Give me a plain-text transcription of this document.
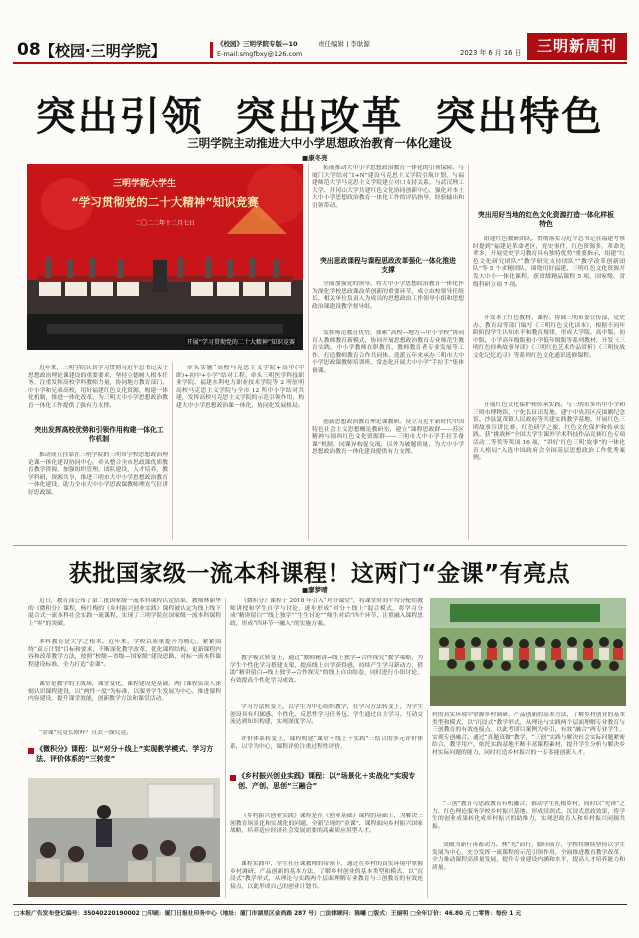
08 【校园·三明学院】	《校园》三明学院专版—10	责任编辑 | 李耿源
E-mail:smgfbxy@126.com	2023 年 6 月 16 日	三明新周刊
突出引领  突出改革  突出特色
三明学院主动推进大中小学思想政治教育一体化建设
■康冬亮
三明学院大学生
“学习贯彻党的二十大精神”知识竞赛
二〇二二年十二月七日
开展“学习贯彻党的二十大精神”知识竞赛
近年来，三明学院认真学习贯彻习近平总书记关于思想政治理论课建设的重要要求，坚持立德树人根本任务，注重发挥高校学科教师力量，协同地方教育部门、中小学和兄弟高校，用好福建红色文化资源，构建一体化机制，推进一体化改革，为三明大中小学思想政治教育一体化工作提供了强有力支撑。
突出发挥高校优势和引领作用构建一体化工作机制
推动成立挂靠在三明学院的三明市学校思想政治理论课一体化建设协同中心。牵头整合全市思政课优质教育教学资源，加强组织管理，团队建设，人才培养，教学科研，资源共享，推进三明市大中小学思想政治教育一体化建设，助力全市大中小学思政课教师理直气壮讲好思政课。
牵头实施“高校马克思主义学院+高中(中职)+初中+小学”结对工程。牵头三明医学科技职业学院、福建水利电力职业技术学院等 2 所驻明高校马克思主义学院与全市 12 所中小学结对共建，发挥高校马克思主义学院的示范引领作用，构建大中小学思想政治课一体化、协同化发展格局。
拓展推动大中小学思想政治教育一体化的引领保障。与厦门大学结对“1+N”建设马克思主义学院引航计划，与福建师范大学马克思主义学院建立对口支持关系，与武汉理工大学、井冈山大学共建红色文化协同创新中心，强化对本土大中小学思想政治教育一体化工作的评估指导，经验输出和引领带动。
突出思政课程与课程思政改革强化一体化推进支撑
全面加强党的领导。将大中小学思想政治教育一体化作为深化学校思政课改革创新的重要环节，成立由校领导任组长，相关单位负责人为成员的思想政治工作领导小组和思想政治课建设教学督导组。
发挥师范教育优势，探索“高校—地方—中小学校”协同育人教师教育新模式，协同开展思想政治教育专业师范生教育实践，中小学教师在职教育，教师教育者专业发展等工作，打造教师教育合作共同体。选派五年来承办三明市大中小学思政课教师培训班，常态化开展大中小学“手拉手”集体备课。
创新思想政治教育理论课教研。设立习近平新时代中国特色社会主义思想概论教研室，建立“课程思政群——苏区精神与闽西红色文化资源群——三明市大中小学手拉手备课”机制，同课异构促交流，以外为破题质量，为大中小学思想政治教育一体化建设提供有力支撑。
突出用好当地的红色文化资源打造一体化样板特色
组建红色教研团队。贯彻落实习近平总书记在福建考察时提到“福建是革命老区，党史事件，红色资源多，革命先辈多，开展党史学习教育具有独特优势”重要指示，组建“红色文化研究团队”“教学研究支持团队”“教学改革创新团队”等 5 个求精团队，围绕用好福建、三明红色文化资源开发大中小一体化课程，获省级精品课程 5 项，国家级、省级科研立项 7 项。
开发本土红色教材、课程。协调三明市委宣传部、党史办、教育局等部门编写《三明红色文化读本》，根据不同年龄阶段学生认知水平和教育规律，形成大学版、高中版、初中版、小学高年级版和小学低年级版等系列教材，开发《三明红色经典故事导读》《三明红色艺术作品赏析》《三明抗战文化记忆追寻》等系列红色文化通识选修课程。
开展红色文化保护和传承实践。与三明市多所中小学和三明市博物馆、宁化长征出发地、建宁中央苏区反围剿纪念馆、沙县夏茂镇人民政府等共建实践教学基地，开展红色三明故事宣讲比赛、红色研学之旅、红色文化保护和传承实践。获“挑战杯”全国大学生课外学术科技作品竞赛红色专项活动二等奖等奖项 16 项，“讲好‘红色三明’故事”的一体化育人格局”入选中国政府会全国基层思想政治工作优秀案例。
获批国家级一流本科课程！这两门“金课”有亮点
■廖梦晴
近日，教育部公布了第二批国家级一流本科课程认定结果，教师林丽华的《微积分》课程，杨红梅的《乡村振兴创业实践》课程被认定为线上线下混合式一流本科社会实践一流课程，实现了三明学院在国家级一流本科课程上“零”的突破。
本科教育是大学之根本。近年来，学校以质量提升为核心，紧紧围绕“双万计划”目标和要求，不断深化教学改革，优化课程结构，更新课程内容和改革教学方法，按照“校级—省级—国家级”建设思路，对标一流本科课程建设标准，全力打造“金课”。
课堂是教学的主战场，课堂变化，课程建设是基础。两门课程负责人深刻认识课程建设，以“两性一度”为标准，以服务学生发展为中心，推进课程内容建设，提升课堂效能，创新教学方法和课堂活动。
“金课”究竟长啥样？且去一探究竟。
《微积分》课程：以“对分＋线上”实现教学模式、学习方法、评价体系的“三转变”
《微积分》课程于 2018 年引入“对分课堂”，将课堂时间平均分配给教师讲授和学生自学与讨论，逐步形成“对分＋线上”混合模式，将学习分成“精讲留白”“线上独学”“生生讨论”“师生对话”四个环节，注重融入课程思政，形成“四环节一融入”的实施方案。
教学模式转变上，通过“教师精讲→线上独学→合作探究”教学策略，为学生个性化学习搭建支架，提高线上自学获得感，持续产生学习新动力，借助“精讲留白→线上独学→合作探究”的线上自由组卷，同时进行小组讨论，有效提高个性化学习成效。
学习方法转变上，以学生为中心组织教学，在学习方法转变上，为学生创设具有归属感、个性化、反思性学习任务包，学生通过自主学习、互动交流达到知识构建，实现深度学习。
评价体系转变上，课程构建“课堂＋线上＋实践”三结合的多元评价体系，以学为中心，课程评价注重过程性评价。
《乡村振兴创业实践》课程：以“场景化＋实战化”实现专创、产创、思创“三融合”
《乡村振兴创业实践》课程是在《创业基础》课程的基础上，为解决三创教育场景化和实战化的问题，全新呈现的“金课”，课程面向乡村振兴国家战略，培养适应经济社会发展需要的高素质应用型人才。
课程实践中，学生在任课教师的带领下，通过在乡村的真实环境中掌握乡村调研、产品创新的基本方法，了解乡村创业的基本类型和模式，以“沉浸式”教学形式，从理论与实践两个层面理解专业教育与三创教育的有效连接点，以此形成自己的创业计划书。
村的真实环境中掌握乡村调研、产品创新的基本方法，了解乡村创业的基本类型和模式，以“沉浸式”教学形式，从理论与实践两个层面理解专业教育与三创教育的有效连接点，以此考团目案例为牵引，有效“融合”两专业学生，实现专创融合。通过“真题真做”教学，“三创”实践与解决社会实际问题紧密结合，教学用户，依托实践基地不断丰富课程素材，提升学生分析与解决乡村实际问题的能力，同时打造乡村振兴的一专多能创新人才。
“三创”教育与思政教育有机融合，推动学生扎根乡村，同时以“先锋”之力，红色理论服务学校乡村振兴基地，形成浸润式、沉浸式思政效果，将学生的创业成果转化成乡村振兴的助推力，实现思政育人和乡村振兴同频共振。
突破为新行再蓄动力。林“光”而行，脚印前方，学校将继续坚持以学生发展为中心，充分发挥一流课程的示范引领作用，全面推进教育教学改革，全力推动课程高质量发展，提升专业建设内涵和水平，提高人才培养能力和质量。
□本报广告发布登记编号：35040220190002 □印刷：厦门日报社印务中心（地址：厦门市湖里区金尚路 287 号）□法律顾问：陈曦 □版式：王丽明 □全年订价：46.80 元 □零售：每份 1 元
